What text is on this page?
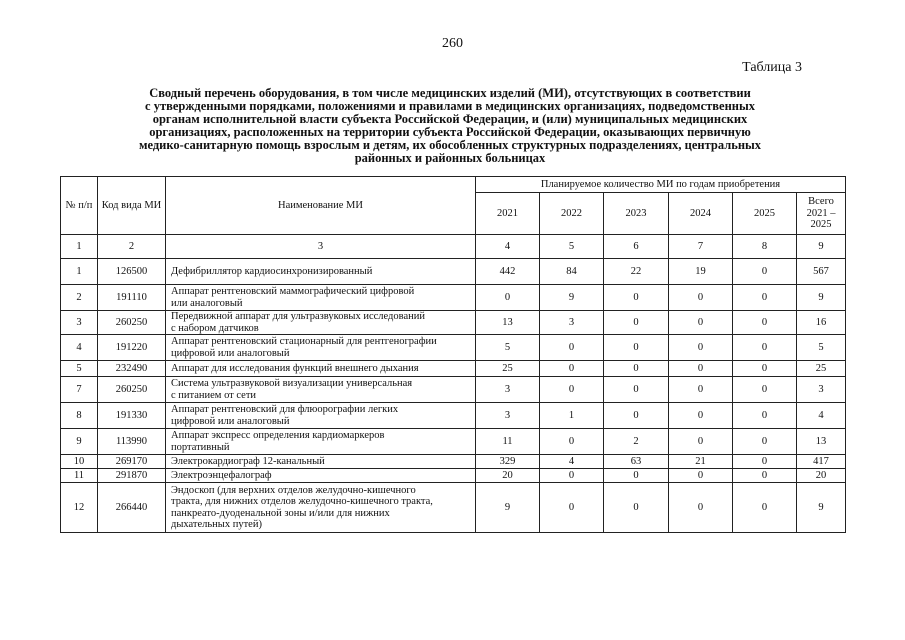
260
Таблица 3
Сводный перечень оборудования, в том числе медицинских изделий (МИ), отсутствующих в соответствии
с утвержденными порядками, положениями и правилами в медицинских организациях, подведомственных
органам исполнительной власти субъекта Российской Федерации, и (или) муниципальных медицинских
организациях, расположенных на территории субъекта Российской Федерации, оказывающих первичную
медико-санитарную помощь взрослым и детям, их обособленных структурных подразделениях, центральных
районных и районных больницах
№ п/п	Код вида МИ	Наименование МИ	Планируемое количество МИ по годам приобретения					
			2021	2022	2023	2024	2025	Всего 2021 – 2025
1	2	3	4	5	6	7	8	9
1	126500	Дефибриллятор кардиосинхронизированный	442	84	22	19	0	567
2	191110	Аппарат рентгеновский маммографический цифровой
или аналоговый	0	9	0	0	0	9
3	260250	Передвижной аппарат для ультразвуковых исследований
с набором датчиков	13	3	0	0	0	16
4	191220	Аппарат рентгеновский стационарный для рентгенографии
цифровой или аналоговый	5	0	0	0	0	5
5	232490	Аппарат для исследования функций внешнего дыхания	25	0	0	0	0	25
7	260250	Система ультразвуковой визуализации универсальная
с питанием от сети	3	0	0	0	0	3
8	191330	Аппарат рентгеновский для флюорографии легких
цифровой или аналоговый	3	1	0	0	0	4
9	113990	Аппарат экспресс определения кардиомаркеров
портативный	11	0	2	0	0	13
10	269170	Электрокардиограф 12-канальный	329	4	63	21	0	417
11	291870	Электроэнцефалограф	20	0	0	0	0	20
12	266440	Эндоскоп (для верхних отделов желудочно-кишечного
тракта, для нижних отделов желудочно-кишечного тракта,
панкреато-дуоденальной зоны и/или для нижних
дыхательных путей)	9	0	0	0	0	9
